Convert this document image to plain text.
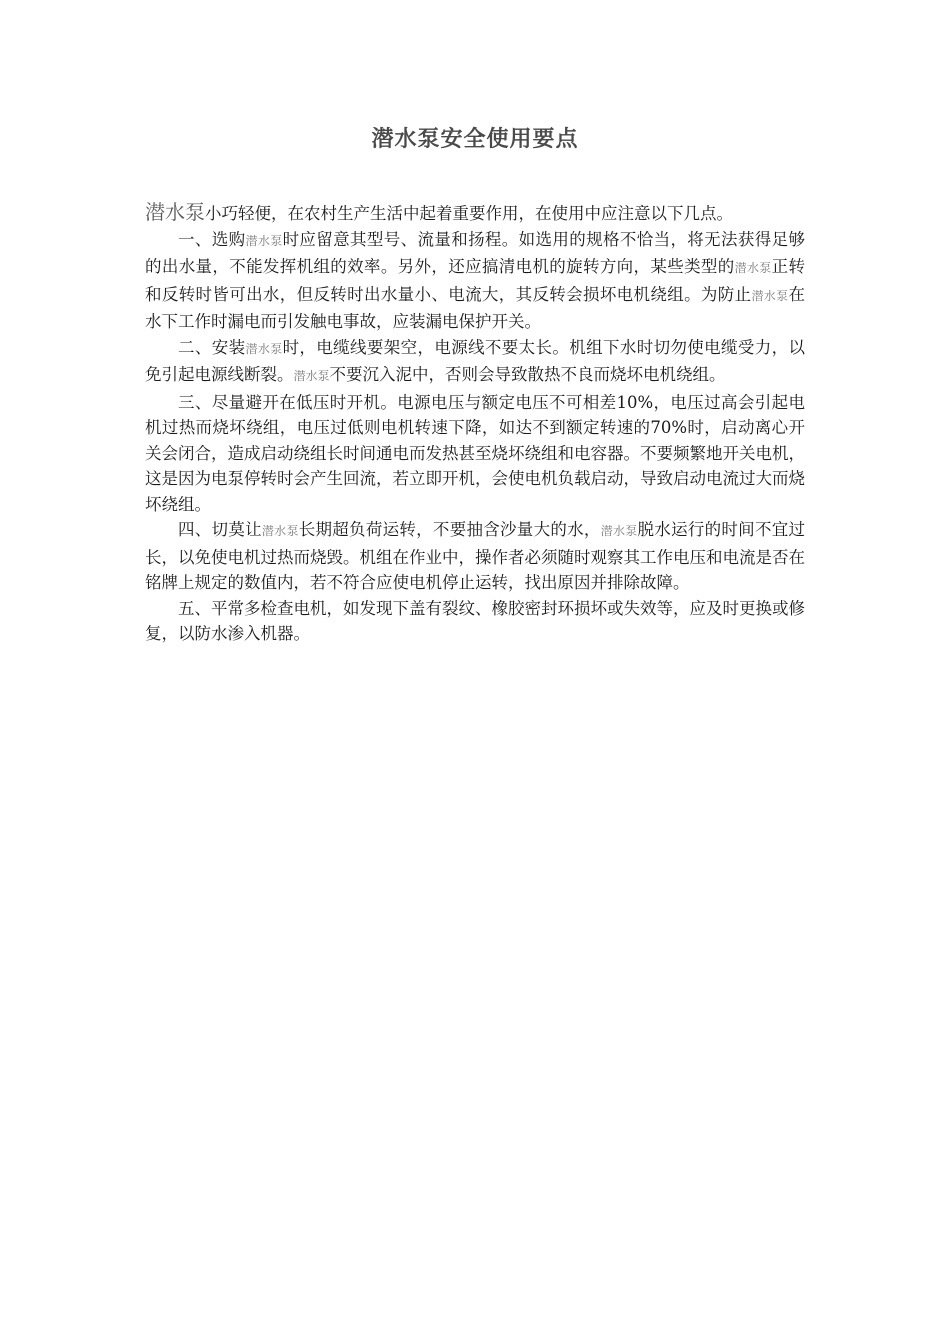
潜水泵安全使用要点

潜水泵小巧轻便，在农村生产生活中起着重要作用，在使用中应注意以下几点。

一、选购潜水泵时应留意其型号、流量和扬程。如选用的规格不恰当，将无法获得足够的出水量，不能发挥机组的效率。另外，还应搞清电机的旋转方向，某些类型的潜水泵正转和反转时皆可出水，但反转时出水量小、电流大，其反转会损坏电机绕组。为防止潜水泵在水下工作时漏电而引发触电事故，应装漏电保护开关。

二、安装潜水泵时，电缆线要架空，电源线不要太长。机组下水时切勿使电缆受力，以免引起电源线断裂。潜水泵不要沉入泥中，否则会导致散热不良而烧坏电机绕组。

三、尽量避开在低压时开机。电源电压与额定电压不可相差10%，电压过高会引起电机过热而烧坏绕组，电压过低则电机转速下降，如达不到额定转速的70%时，启动离心开关会闭合，造成启动绕组长时间通电而发热甚至烧坏绕组和电容器。不要频繁地开关电机，这是因为电泵停转时会产生回流，若立即开机，会使电机负载启动，导致启动电流过大而烧坏绕组。

四、切莫让潜水泵长期超负荷运转，不要抽含沙量大的水，潜水泵脱水运行的时间不宜过长，以免使电机过热而烧毁。机组在作业中，操作者必须随时观察其工作电压和电流是否在铭牌上规定的数值内，若不符合应使电机停止运转，找出原因并排除故障。

五、平常多检查电机，如发现下盖有裂纹、橡胶密封环损坏或失效等，应及时更换或修复，以防水渗入机器。
